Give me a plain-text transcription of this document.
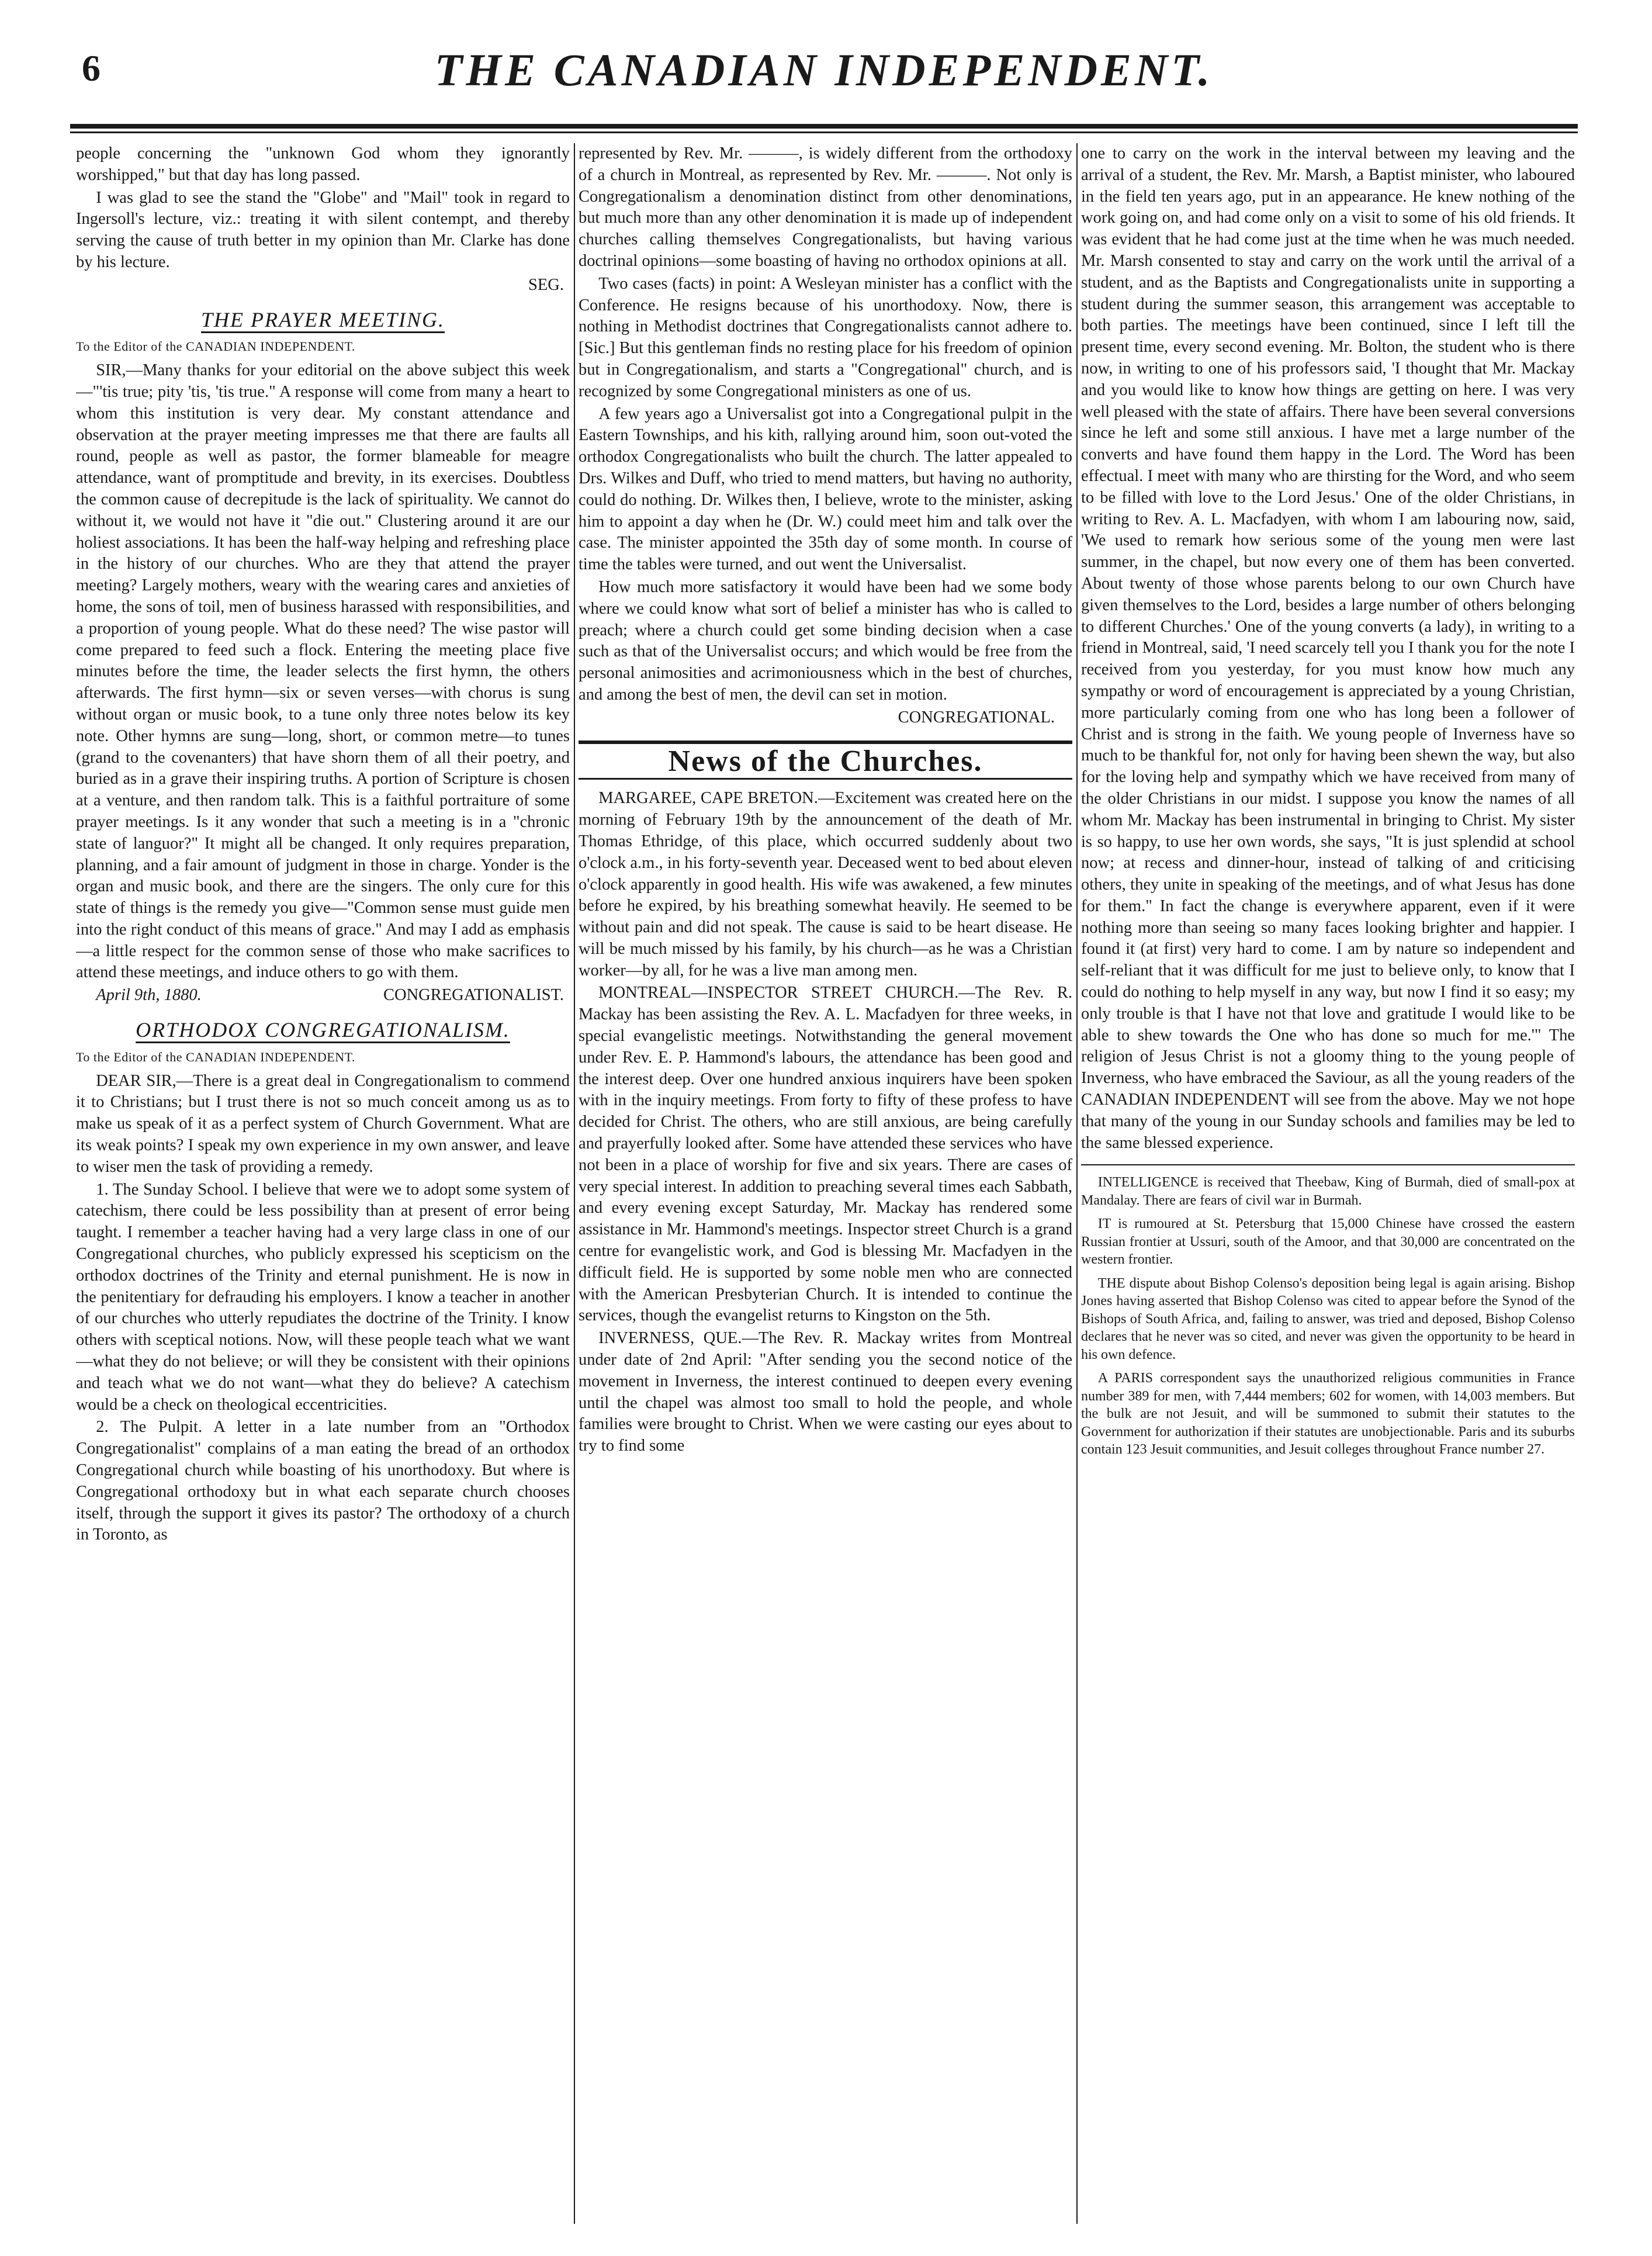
6	THE CANADIAN INDEPENDENT.

people concerning the "unknown God whom they ignorantly worshipped," but that day has long passed.

I was glad to see the stand the "Globe" and "Mail" took in regard to Ingersoll's lecture, viz.: treating it with silent contempt, and thereby serving the cause of truth better in my opinion than Mr. Clarke has done by his lecture.

SEG.
THE PRAYER MEETING.
To the Editor of the CANADIAN INDEPENDENT.

SIR,—Many thanks for your editorial on the above subject this week—"'tis true; pity 'tis, 'tis true." A response will come from many a heart to whom this institution is very dear. My constant attendance and observation at the prayer meeting impresses me that there are faults all round, people as well as pastor, the former blameable for meagre attendance, want of promptitude and brevity, in its exercises. Doubtless the common cause of decrepitude is the lack of spirituality. We cannot do without it, we would not have it "die out." Clustering around it are our holiest associations. It has been the half-way helping and refreshing place in the history of our churches. Who are they that attend the prayer meeting? Largely mothers, weary with the wearing cares and anxieties of home, the sons of toil, men of business harassed with responsibilities, and a proportion of young people. What do these need? The wise pastor will come prepared to feed such a flock. Entering the meeting place five minutes before the time, the leader selects the first hymn, the others afterwards. The first hymn—six or seven verses—with chorus is sung without organ or music book, to a tune only three notes below its key note. Other hymns are sung—long, short, or common metre—to tunes (grand to the covenanters) that have shorn them of all their poetry, and buried as in a grave their inspiring truths. A portion of Scripture is chosen at a venture, and then random talk. This is a faithful portraiture of some prayer meetings. Is it any wonder that such a meeting is in a "chronic state of languor?" It might all be changed. It only requires preparation, planning, and a fair amount of judgment in those in charge. Yonder is the organ and music book, and there are the singers. The only cure for this state of things is the remedy you give—"Common sense must guide men into the right conduct of this means of grace." And may I add as emphasis—a little respect for the common sense of those who make sacrifices to attend these meetings, and induce others to go with them.

April 9th, 1880.	CONGREGATIONALIST.
ORTHODOX CONGREGATIONALISM.
To the Editor of the CANADIAN INDEPENDENT.

DEAR SIR,—There is a great deal in Congregationalism to commend it to Christians; but I trust there is not so much conceit among us as to make us speak of it as a perfect system of Church Government. What are its weak points? I speak my own experience in my own answer, and leave to wiser men the task of providing a remedy.

1. The Sunday School. I believe that were we to adopt some system of catechism, there could be less possibility than at present of error being taught. I remember a teacher having had a very large class in one of our Congregational churches, who publicly expressed his scepticism on the orthodox doctrines of the Trinity and eternal punishment. He is now in the penitentiary for defrauding his employers. I know a teacher in another of our churches who utterly repudiates the doctrine of the Trinity. I know others with sceptical notions. Now, will these people teach what we want—what they do not believe; or will they be consistent with their opinions and teach what we do not want—what they do believe? A catechism would be a check on theological eccentricities.

2. The Pulpit. A letter in a late number from an "Orthodox Congregationalist" complains of a man eating the bread of an orthodox Congregational church while boasting of his unorthodoxy. But where is Congregational orthodoxy but in what each separate church chooses itself, through the support it gives its pastor? The orthodoxy of a church in Toronto, as

represented by Rev. Mr. ———, is widely different from the orthodoxy of a church in Montreal, as represented by Rev. Mr. ———. Not only is Congregationalism a denomination distinct from other denominations, but much more than any other denomination it is made up of independent churches calling themselves Congregationalists, but having various doctrinal opinions—some boasting of having no orthodox opinions at all.

Two cases (facts) in point: A Wesleyan minister has a conflict with the Conference. He resigns because of his unorthodoxy. Now, there is nothing in Methodist doctrines that Congregationalists cannot adhere to. [Sic.] But this gentleman finds no resting place for his freedom of opinion but in Congregationalism, and starts a "Congregational" church, and is recognized by some Congregational ministers as one of us.

A few years ago a Universalist got into a Congregational pulpit in the Eastern Townships, and his kith, rallying around him, soon out-voted the orthodox Congregationalists who built the church. The latter appealed to Drs. Wilkes and Duff, who tried to mend matters, but having no authority, could do nothing. Dr. Wilkes then, I believe, wrote to the minister, asking him to appoint a day when he (Dr. W.) could meet him and talk over the case. The minister appointed the 35th day of some month. In course of time the tables were turned, and out went the Universalist.

How much more satisfactory it would have been had we some body where we could know what sort of belief a minister has who is called to preach; where a church could get some binding decision when a case such as that of the Universalist occurs; and which would be free from the personal animosities and acrimoniousness which in the best of churches, and among the best of men, the devil can set in motion.

CONGREGATIONAL.
News of the Churches.

MARGAREE, CAPE BRETON.—Excitement was created here on the morning of February 19th by the announcement of the death of Mr. Thomas Ethridge, of this place, which occurred suddenly about two o'clock a.m., in his forty-seventh year. Deceased went to bed about eleven o'clock apparently in good health. His wife was awakened, a few minutes before he expired, by his breathing somewhat heavily. He seemed to be without pain and did not speak. The cause is said to be heart disease. He will be much missed by his family, by his church—as he was a Christian worker—by all, for he was a live man among men.

MONTREAL—INSPECTOR STREET CHURCH.—The Rev. R. Mackay has been assisting the Rev. A. L. Macfadyen for three weeks, in special evangelistic meetings. Notwithstanding the general movement under Rev. E. P. Hammond's labours, the attendance has been good and the interest deep. Over one hundred anxious inquirers have been spoken with in the inquiry meetings. From forty to fifty of these profess to have decided for Christ. The others, who are still anxious, are being carefully and prayerfully looked after. Some have attended these services who have not been in a place of worship for five and six years. There are cases of very special interest. In addition to preaching several times each Sabbath, and every evening except Saturday, Mr. Mackay has rendered some assistance in Mr. Hammond's meetings. Inspector street Church is a grand centre for evangelistic work, and God is blessing Mr. Macfadyen in the difficult field. He is supported by some noble men who are connected with the American Presbyterian Church. It is intended to continue the services, though the evangelist returns to Kingston on the 5th.

INVERNESS, QUE.—The Rev. R. Mackay writes from Montreal under date of 2nd April: "After sending you the second notice of the movement in Inverness, the interest continued to deepen every evening until the chapel was almost too small to hold the people, and whole families were brought to Christ. When we were casting our eyes about to try to find some

one to carry on the work in the interval between my leaving and the arrival of a student, the Rev. Mr. Marsh, a Baptist minister, who laboured in the field ten years ago, put in an appearance. He knew nothing of the work going on, and had come only on a visit to some of his old friends. It was evident that he had come just at the time when he was much needed. Mr. Marsh consented to stay and carry on the work until the arrival of a student, and as the Baptists and Congregationalists unite in supporting a student during the summer season, this arrangement was acceptable to both parties. The meetings have been continued, since I left till the present time, every second evening. Mr. Bolton, the student who is there now, in writing to one of his professors said, 'I thought that Mr. Mackay and you would like to know how things are getting on here. I was very well pleased with the state of affairs. There have been several conversions since he left and some still anxious. I have met a large number of the converts and have found them happy in the Lord. The Word has been effectual. I meet with many who are thirsting for the Word, and who seem to be filled with love to the Lord Jesus.' One of the older Christians, in writing to Rev. A. L. Macfadyen, with whom I am labouring now, said, 'We used to remark how serious some of the young men were last summer, in the chapel, but now every one of them has been converted. About twenty of those whose parents belong to our own Church have given themselves to the Lord, besides a large number of others belonging to different Churches.' One of the young converts (a lady), in writing to a friend in Montreal, said, 'I need scarcely tell you I thank you for the note I received from you yesterday, for you must know how much any sympathy or word of encouragement is appreciated by a young Christian, more particularly coming from one who has long been a follower of Christ and is strong in the faith. We young people of Inverness have so much to be thankful for, not only for having been shewn the way, but also for the loving help and sympathy which we have received from many of the older Christians in our midst. I suppose you know the names of all whom Mr. Mackay has been instrumental in bringing to Christ. My sister is so happy, to use her own words, she says, "It is just splendid at school now; at recess and dinner-hour, instead of talking of and criticising others, they unite in speaking of the meetings, and of what Jesus has done for them." In fact the change is everywhere apparent, even if it were nothing more than seeing so many faces looking brighter and happier. I found it (at first) very hard to come. I am by nature so independent and self-reliant that it was difficult for me just to believe only, to know that I could do nothing to help myself in any way, but now I find it so easy; my only trouble is that I have not that love and gratitude I would like to be able to shew towards the One who has done so much for me.'" The religion of Jesus Christ is not a gloomy thing to the young people of Inverness, who have embraced the Saviour, as all the young readers of the CANADIAN INDEPENDENT will see from the above. May we not hope that many of the young in our Sunday schools and families may be led to the same blessed experience.

INTELLIGENCE is received that Theebaw, King of Burmah, died of small-pox at Mandalay. There are fears of civil war in Burmah.

IT is rumoured at St. Petersburg that 15,000 Chinese have crossed the eastern Russian frontier at Ussuri, south of the Amoor, and that 30,000 are concentrated on the western frontier.

THE dispute about Bishop Colenso's deposition being legal is again arising. Bishop Jones having asserted that Bishop Colenso was cited to appear before the Synod of the Bishops of South Africa, and, failing to answer, was tried and deposed, Bishop Colenso declares that he never was so cited, and never was given the opportunity to be heard in his own defence.

A PARIS correspondent says the unauthorized religious communities in France number 389 for men, with 7,444 members; 602 for women, with 14,003 members. But the bulk are not Jesuit, and will be summoned to submit their statutes to the Government for authorization if their statutes are unobjectionable. Paris and its suburbs contain 123 Jesuit communities, and Jesuit colleges throughout France number 27.
